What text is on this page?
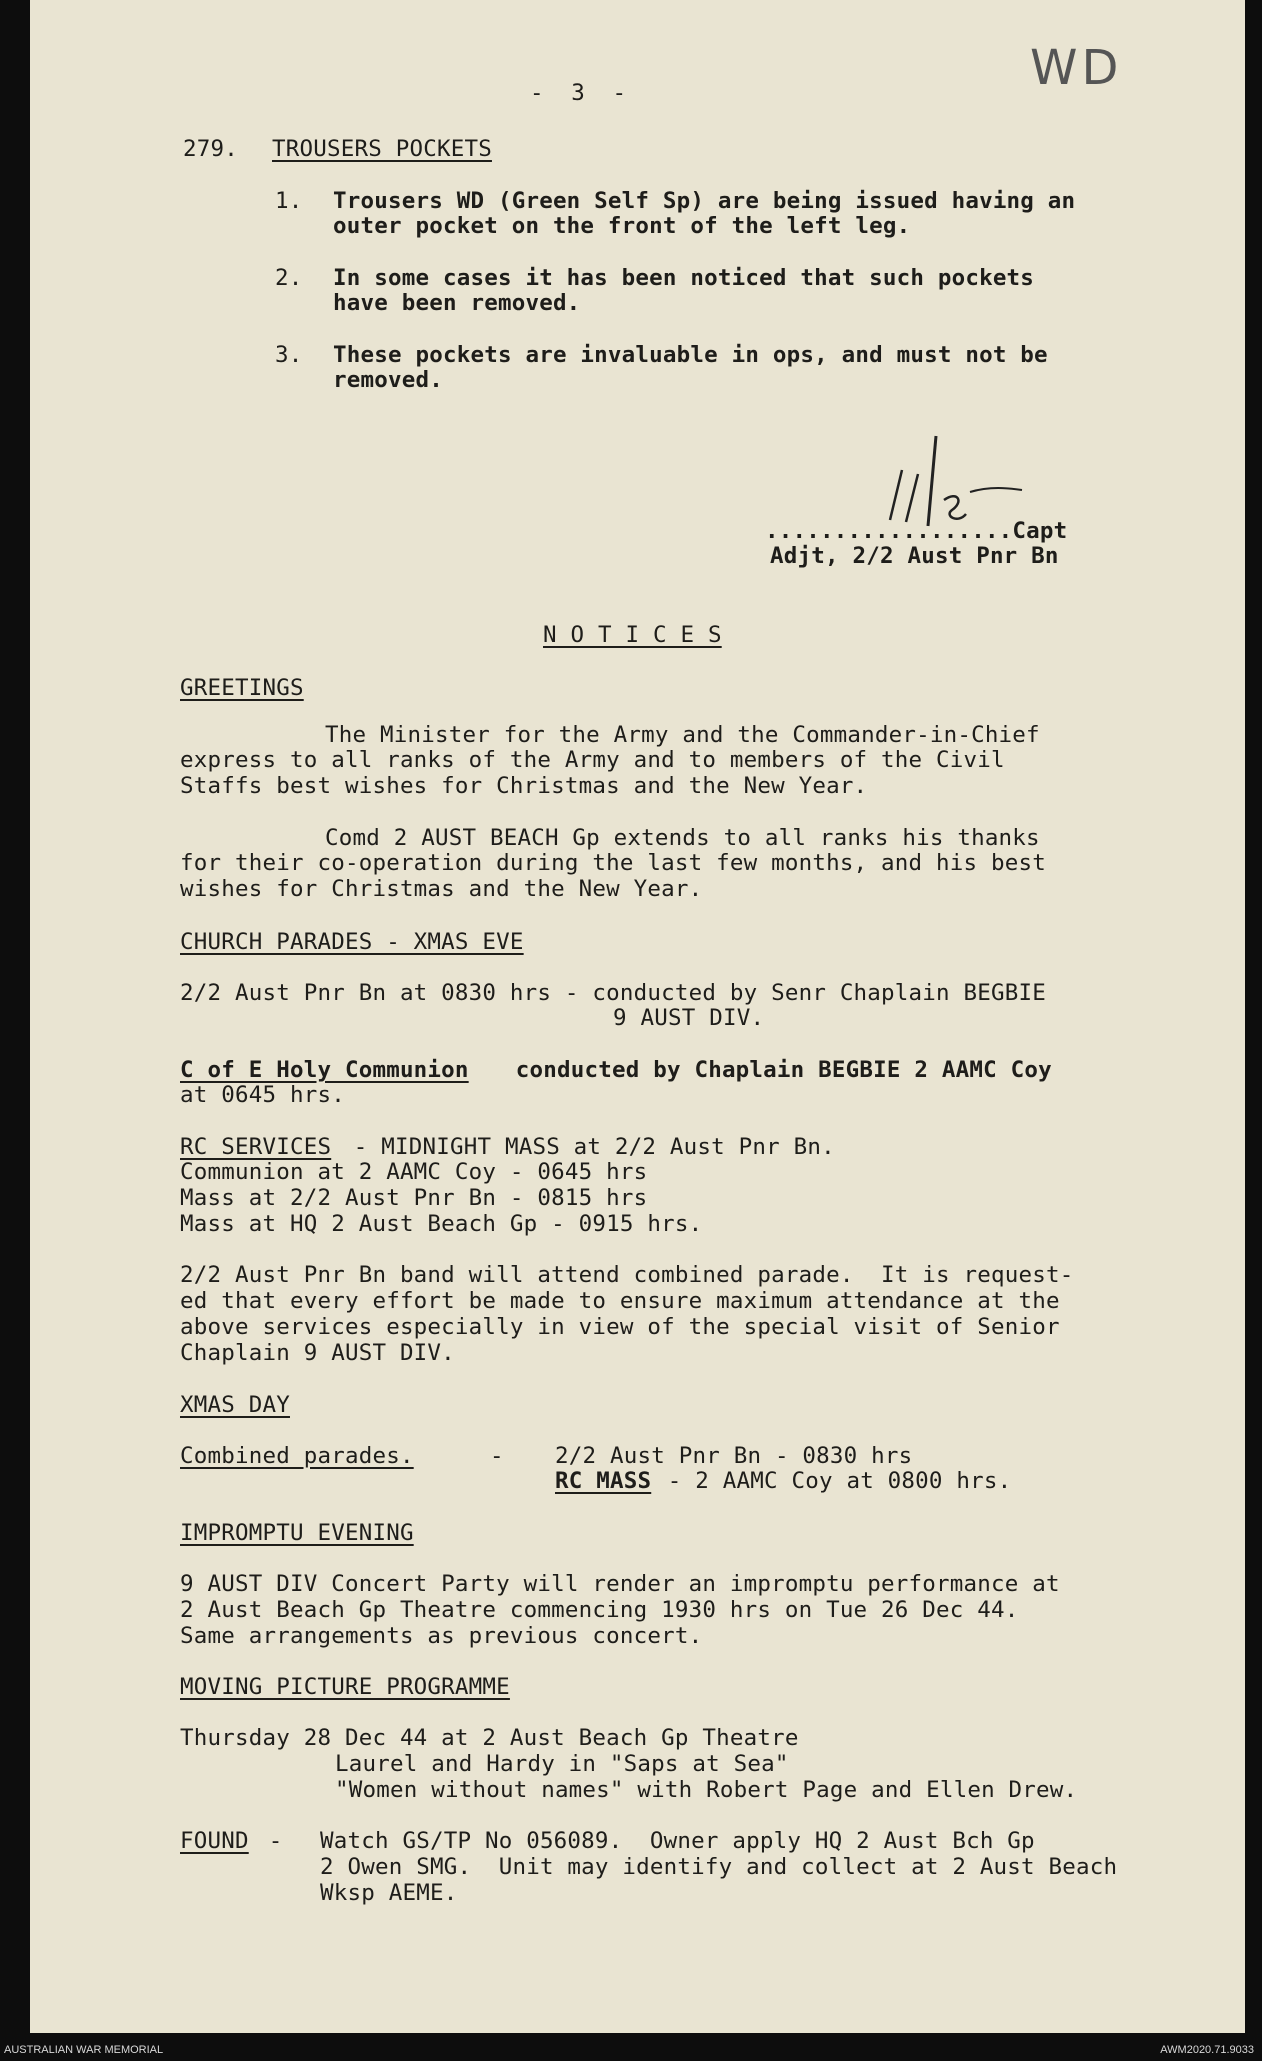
WD
-  3  -
279. TROUSERS POCKETS
1. Trousers WD (Green Self Sp) are being issued having an
outer pocket on the front of the left leg.
2. In some cases it has been noticed that such pockets
have been removed.
3. These pockets are invaluable in ops, and must not be
removed.
..................Capt
Adjt, 2/2 Aust Pnr Bn
N O T I C E S
GREETINGS
The Minister for the Army and the Commander-in-Chief
express to all ranks of the Army and to members of the Civil
Staffs best wishes for Christmas and the New Year.
Comd 2 AUST BEACH Gp extends to all ranks his thanks
for their co-operation during the last few months, and his best
wishes for Christmas and the New Year.
CHURCH PARADES - XMAS EVE
2/2 Aust Pnr Bn at 0830 hrs - conducted by Senr Chaplain BEGBIE
9 AUST DIV.
C of E Holy Communion conducted by Chaplain BEGBIE 2 AAMC Coy
at 0645 hrs.
RC SERVICES - MIDNIGHT MASS at 2/2 Aust Pnr Bn.
Communion at 2 AAMC Coy - 0645 hrs
Mass at 2/2 Aust Pnr Bn - 0815 hrs
Mass at HQ 2 Aust Beach Gp - 0915 hrs.
2/2 Aust Pnr Bn band will attend combined parade.  It is request-
ed that every effort be made to ensure maximum attendance at the
above services especially in view of the special visit of Senior
Chaplain 9 AUST DIV.
XMAS DAY
Combined parades.	- 2/2 Aust Pnr Bn - 0830 hrs
RC MASS - 2 AAMC Coy at 0800 hrs.
IMPROMPTU EVENING
9 AUST DIV Concert Party will render an impromptu performance at
2 Aust Beach Gp Theatre commencing 1930 hrs on Tue 26 Dec 44.
Same arrangements as previous concert.
MOVING PICTURE PROGRAMME
Thursday 28 Dec 44 at 2 Aust Beach Gp Theatre
Laurel and Hardy in "Saps at Sea"
"Women without names" with Robert Page and Ellen Drew.
FOUND - Watch GS/TP No 056089.  Owner apply HQ 2 Aust Bch Gp
2 Owen SMG.  Unit may identify and collect at 2 Aust Beach
Wksp AEME.
AUSTRALIAN WAR MEMORIAL	AWM2020.71.9033
